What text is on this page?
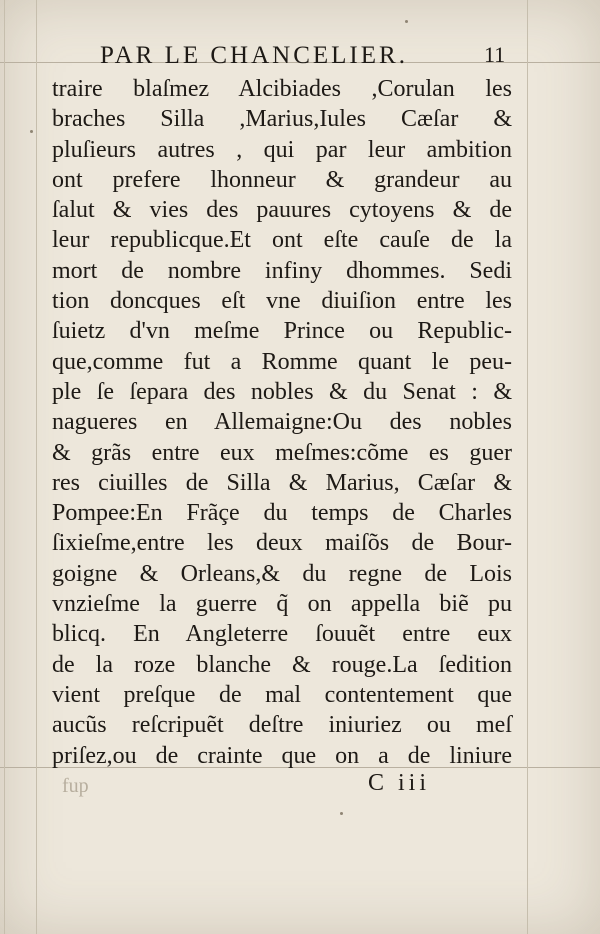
PAR LE CHANCELIER.	11
traire blaſmez Alcibiades ,Corulan les
braches Silla ,Marius,Iules Cæſar &
pluſieurs autres , qui par leur ambition
ont prefere lhonneur & grandeur au
ſalut & vies des pauures cytoyens & de
leur republicque.Et ont eſte cauſe de la
mort de nombre infiny dhommes. Sedi
tion doncques eſt vne diuiſion entre les
ſuietz d'vn meſme Prince ou Republic-
que,comme fut a Romme quant le peu-
ple ſe ſepara des nobles & du Senat : &
nagueres en Allemaigne:Ou des nobles
& grãs entre eux meſmes:cõme es guer
res ciuilles de Silla & Marius, Cæſar &
Pompee:En Frãçe du temps de Charles
ſixieſme,entre les deux maiſõs de Bour-
goigne & Orleans,& du regne de Lois
vnzieſme la guerre q̃ on appella biẽ pu
blicq. En Angleterre ſouuẽt entre eux
de la roze blanche & rouge.La ſedition
vient preſque de mal contentement que
aucũs reſcripuẽt deſtre iniuriez ou meſ
priſez,ou de crainte que on a de liniure
fup	C iii
